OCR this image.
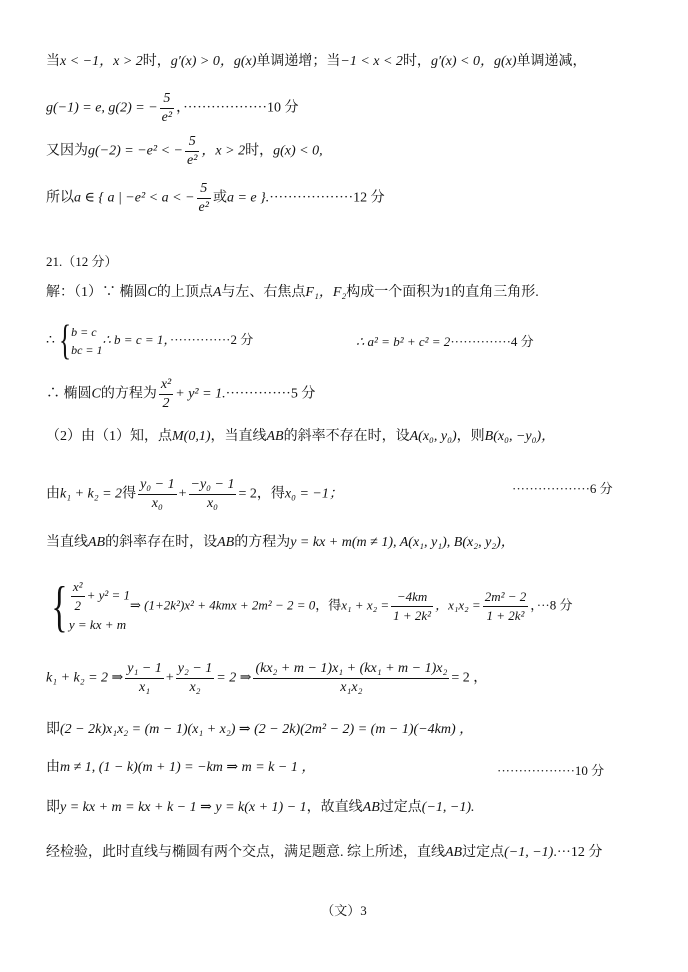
当x < −1，x > 2时，g′(x) > 0，g(x)单调递增；当−1 < x < 2时，g′(x) < 0，g(x)单调递减，
g(−1) = e, g(2) = − $\frac{5}{\text{e²}}$ ，··················10 分
又因为g(−2) = −e² < − $\frac{5}{\text{e²}}$ ，x > 2时，g(x) < 0,
所以a ∈ { a | −e² < a < − $\frac{5}{\text{e²}}$ 或a = e }.··················12 分
21.（12 分）
解：（1）∵ 椭圆C的上顶点A与左、右焦点F₁，F₂构成一个面积为1的直角三角形.
∴{ b = c
bc = 1
∴ b = c = 1，··············2 分	∴ a² = b² + c² = 2··············4 分
∴ 椭圆C的方程为 $\frac{\text{x²}}{2} + y^2 = 1.\cdot\cdot\cdot\cdot\cdot\cdot\cdot\cdot\cdot\cdot\cdot\cdot\cdot\cdot 5$ 分
（2）由（1）知，点M(0,1)，当直线AB的斜率不存在时，设A(x₀, y₀)，则B(x₀, −y₀)，
由k₁ + k₂ = 2得 $\frac{\text{y₀ − 1}}{\text{x₀}} + \frac{\text{−y₀ − 1}}{\text{x₀}} = 2$，得x₀ = −1；	··················6 分
当直线AB的斜率存在时，设AB的方程为y = kx + m(m ≠ 1), A(x₁, y₁), B(x₂, y₂)，
{ $\frac{\text{x²}}{2} + y^2 = 1$
y = kx + m
⇒ (1+2k²)x² + 4kmx + 2m² − 2 = 0，得$x_1 + x_2 = \frac{-4km}{\text{1 + 2k²}}$ ，$x_1x_2 = \frac{\text{2m² − 2}}{\text{1 + 2k²}}$ ，···8 分
k₁ + k₂ = 2 ⇒ $\frac{\text{y₁ − 1}}{\text{x₁}} + \frac{\text{y₂ − 1}}{\text{x₂}} = 2$ ⇒ $\frac{\text{(kx₂ + m − 1)x₁ + (kx₁ + m − 1)x₂}}{\text{x₁x₂}} = 2$ ，
即(2 − 2k)x₁x₂ = (m − 1)(x₁ + x₂) ⇒ (2 − 2k)(2m² − 2) = (m − 1)(−4km) ，
由m ≠ 1, (1 − k)(m + 1) = −km ⇒ m = k − 1 ，	··················10 分
即y = kx + m = kx + k − 1 ⇒ y = k(x + 1) − 1，故直线AB过定点(−1, −1).
经检验，此时直线与椭圆有两个交点，满足题意. 综上所述，直线AB过定点(−1, −1).···12 分
（文）3
